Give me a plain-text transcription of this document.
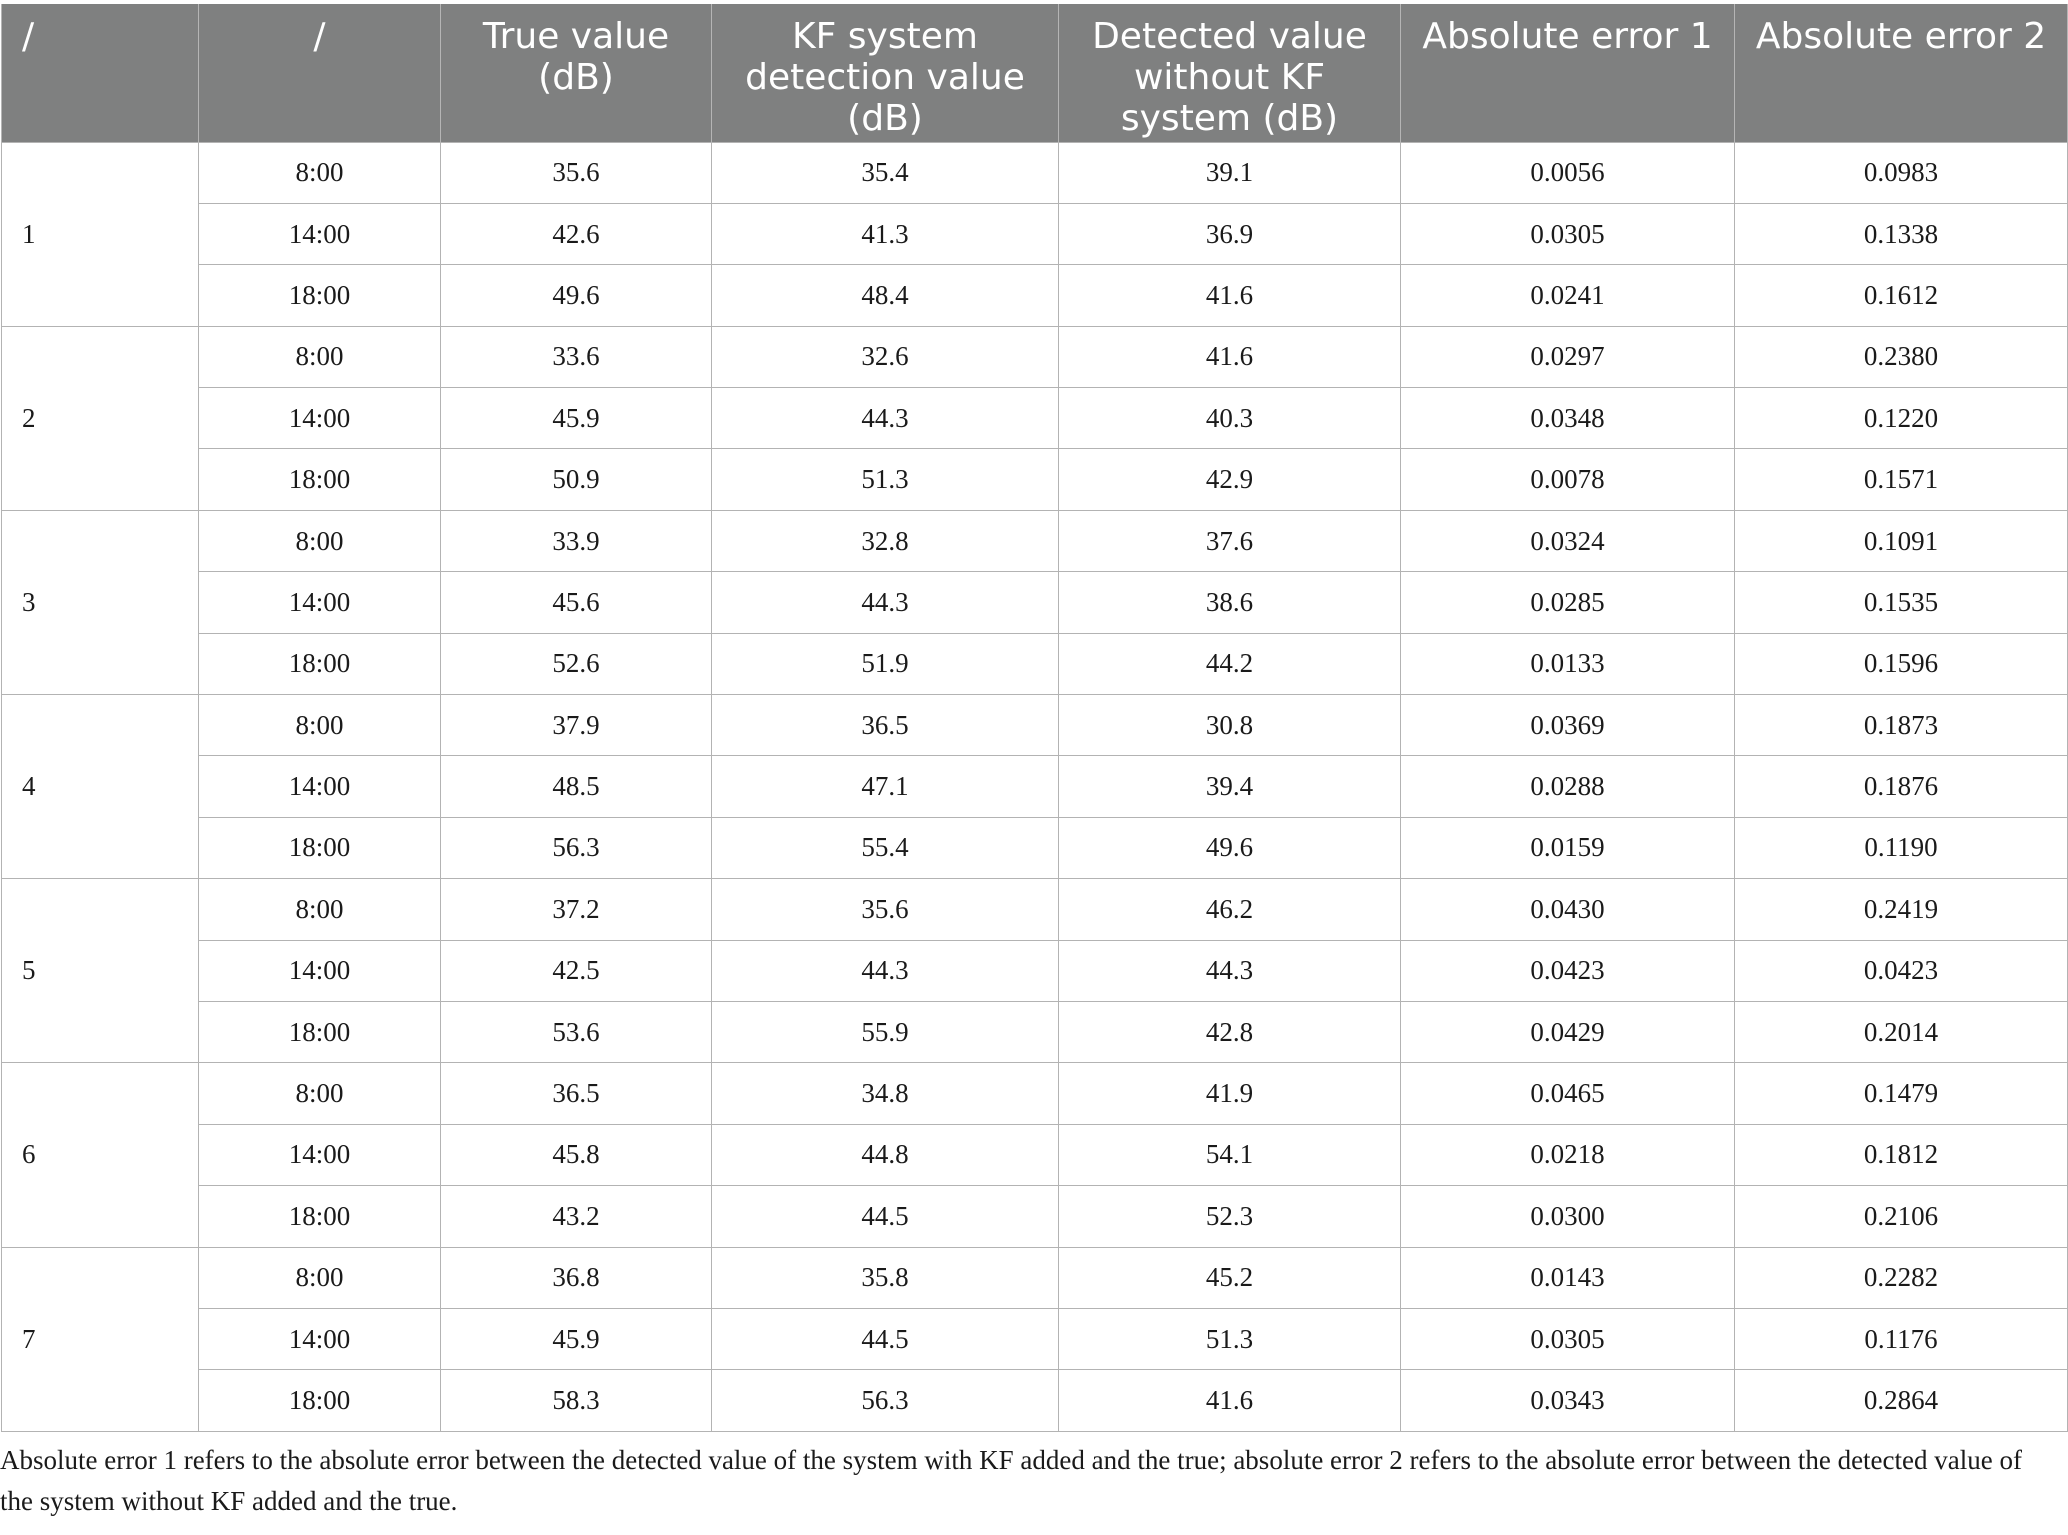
/	/	True value (dB)	KF system detection value (dB)	Detected value without KF system (dB)	Absolute error 1	Absolute error 2
1	8:00	35.6	35.4	39.1	0.0056	0.0983
	14:00	42.6	41.3	36.9	0.0305	0.1338
	18:00	49.6	48.4	41.6	0.0241	0.1612
2	8:00	33.6	32.6	41.6	0.0297	0.2380
	14:00	45.9	44.3	40.3	0.0348	0.1220
	18:00	50.9	51.3	42.9	0.0078	0.1571
3	8:00	33.9	32.8	37.6	0.0324	0.1091
	14:00	45.6	44.3	38.6	0.0285	0.1535
	18:00	52.6	51.9	44.2	0.0133	0.1596
4	8:00	37.9	36.5	30.8	0.0369	0.1873
	14:00	48.5	47.1	39.4	0.0288	0.1876
	18:00	56.3	55.4	49.6	0.0159	0.1190
5	8:00	37.2	35.6	46.2	0.0430	0.2419
	14:00	42.5	44.3	44.3	0.0423	0.0423
	18:00	53.6	55.9	42.8	0.0429	0.2014
6	8:00	36.5	34.8	41.9	0.0465	0.1479
	14:00	45.8	44.8	54.1	0.0218	0.1812
	18:00	43.2	44.5	52.3	0.0300	0.2106
7	8:00	36.8	35.8	45.2	0.0143	0.2282
	14:00	45.9	44.5	51.3	0.0305	0.1176
	18:00	58.3	56.3	41.6	0.0343	0.2864

Absolute error 1 refers to the absolute error between the detected value of the system with KF added and the true; absolute error 2 refers to the absolute error between the detected value of the system without KF added and the true.
